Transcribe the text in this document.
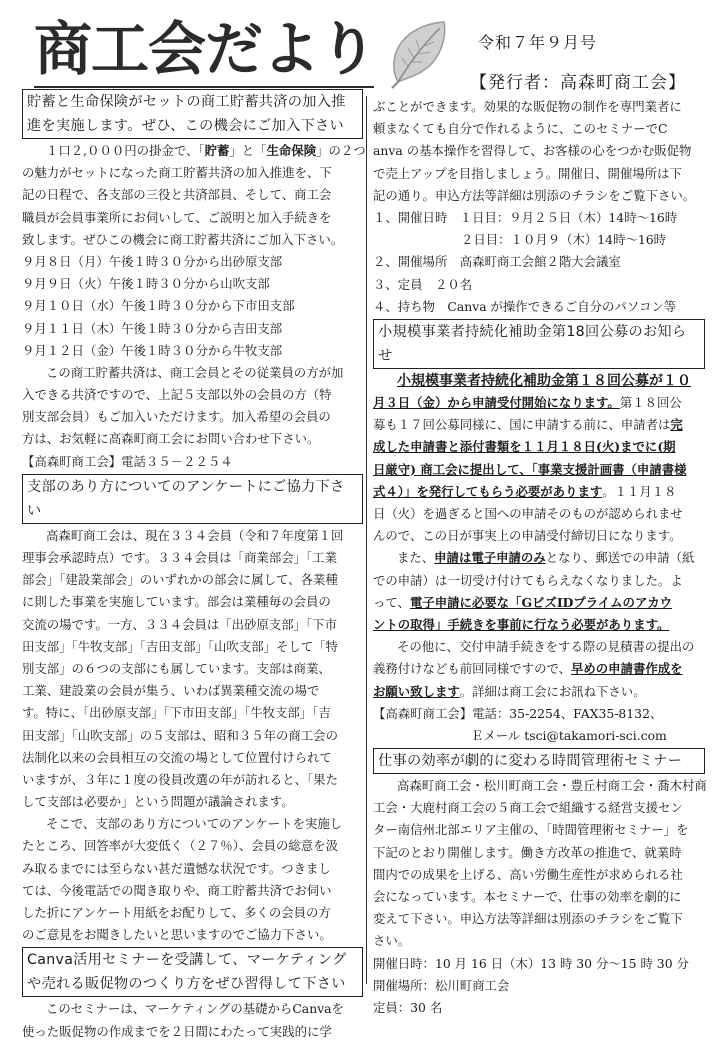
商工会だより	令和７年９月号
【発行者：高森町商工会】
貯蓄と生命保険がセットの商工貯蓄共済の加入推
進を実施します。ぜひ、この機会にご加入下さい
１口２,０００円の掛金で、「貯蓄」と「生命保険」の２つ
の魅力がセットになった商工貯蓄共済の加入推進を、下
記の日程で、各支部の三役と共済部員、そして、商工会
職員が会員事業所にお伺いして、ご説明と加入手続きを
致します。ぜひこの機会に商工貯蓄共済にご加入下さい。
９月８日（月）午後１時３０分から出砂原支部
９月９日（火）午後１時３０分から山吹支部
９月１０日（水）午後１時３０分から下市田支部
９月１１日（木）午後１時３０分から吉田支部
９月１２日（金）午後１時３０分から牛牧支部
この商工貯蓄共済は、商工会員とその従業員の方が加
入できる共済ですので、上記５支部以外の会員の方（特
別支部会員）もご加入いただけます。加入希望の会員の
方は、お気軽に高森町商工会にお問い合わせ下さい。
【高森町商工会】電話３５－２２５４
支部のあり方についてのアンケートにご協力下さい
高森町商工会は、現在３３４会員（令和７年度第１回
理事会承認時点）です。３３４会員は「商業部会」「工業
部会」「建設業部会」のいずれかの部会に属して、各業種
に則した事業を実施しています。部会は業種毎の会員の
交流の場です。一方、３３４会員は「出砂原支部」「下市
田支部」「牛牧支部」「吉田支部」「山吹支部」そして「特
別支部」の６つの支部にも属しています。支部は商業、
工業、建設業の会員が集う、いわば異業種交流の場で
す。特に、「出砂原支部」「下市田支部」「牛牧支部」「吉
田支部」「山吹支部」の５支部は、昭和３５年の商工会の
法制化以来の会員相互の交流の場として位置付けられて
いますが、３年に１度の役員改選の年が訪れると、「果た
して支部は必要か」という問題が議論されます。
そこで、支部のあり方についてのアンケートを実施し
たところ、回答率が大変低く（２７％）、会員の総意を汲
み取るまでには至らない甚だ遺憾な状況です。つきまし
ては、今後電話での聞き取りや、商工貯蓄共済でお伺い
した折にアンケート用紙をお配りして、多くの会員の方
のご意見をお聞きしたいと思いますのでご協力下さい。
Canva活用セミナーを受講して、マーケティング
や売れる販促物のつくり方をぜひ習得して下さい
このセミナーは、マーケティングの基礎からCanvaを
使った販促物の作成までを２日間にわたって実践的に学
ぶことができます。効果的な販促物の制作を専門業者に
頼まなくても自分で作れるように、このセミナーでC
anva の基本操作を習得して、お客様の心をつかむ販促物
で売上アップを目指しましょう。開催日、開催場所は下
記の通り。申込方法等詳細は別添のチラシをご覧下さい。
１、開催日時　１日目：９月２５日（木）14時〜16時
２日目：１０月９（木）14時〜16時
２、開催場所　高森町商工会館２階大会議室
３、定員　２０名
４、持ち物　Canva が操作できるご自分のパソコン等
小規模事業者持続化補助金第18回公募のお知らせ
小規模事業者持続化補助金第１８回公募が１０
月３日（金）から申請受付開始になります。第１８回公
募も１７回公募同様に、国に申請する前に、申請者は完
成した申請書と添付書類を１１月１８日(火)までに(期
日厳守) 商工会に提出して、「事業支援計画書（申請書様
式４）」を発行してもらう必要があります。１１月１８
日（火）を過ぎると国への申請そのものが認められませ
んので、この日が事実上の申請受付締切日になります。
また、申請は電子申請のみとなり、郵送での申請（紙
での申請）は一切受け付けてもらえなくなりました。よ
って、電子申請に必要な「GビズIDプライムのアカウ
ントの取得」手続きを事前に行なう必要があります。
その他に、交付申請手続きをする際の見積書の提出の
義務付けなども前回同様ですので、早めの申請書作成を
お願い致します。詳細は商工会にお訊ね下さい。
【高森町商工会】電話：35-2254、FAX35-8132、
Ｅメール tsci@takamori-sci.com
仕事の効率が劇的に変わる時間管理術セミナー
高森町商工会・松川町商工会・豊丘村商工会・喬木村商
工会・大鹿村商工会の５商工会で組織する経営支援セン
ター南信州北部エリア主催の、「時間管理術セミナー」を
下記のとおり開催します。働き方改革の推進で、就業時
間内での成果を上げる、高い労働生産性が求められる社
会になっています。本セミナーで、仕事の効率を劇的に
変えて下さい。申込方法等詳細は別添のチラシをご覧下
さい。
開催日時：10 月 16 日（木）13 時 30 分〜15 時 30 分
開催場所：松川町商工会
定員：30 名
